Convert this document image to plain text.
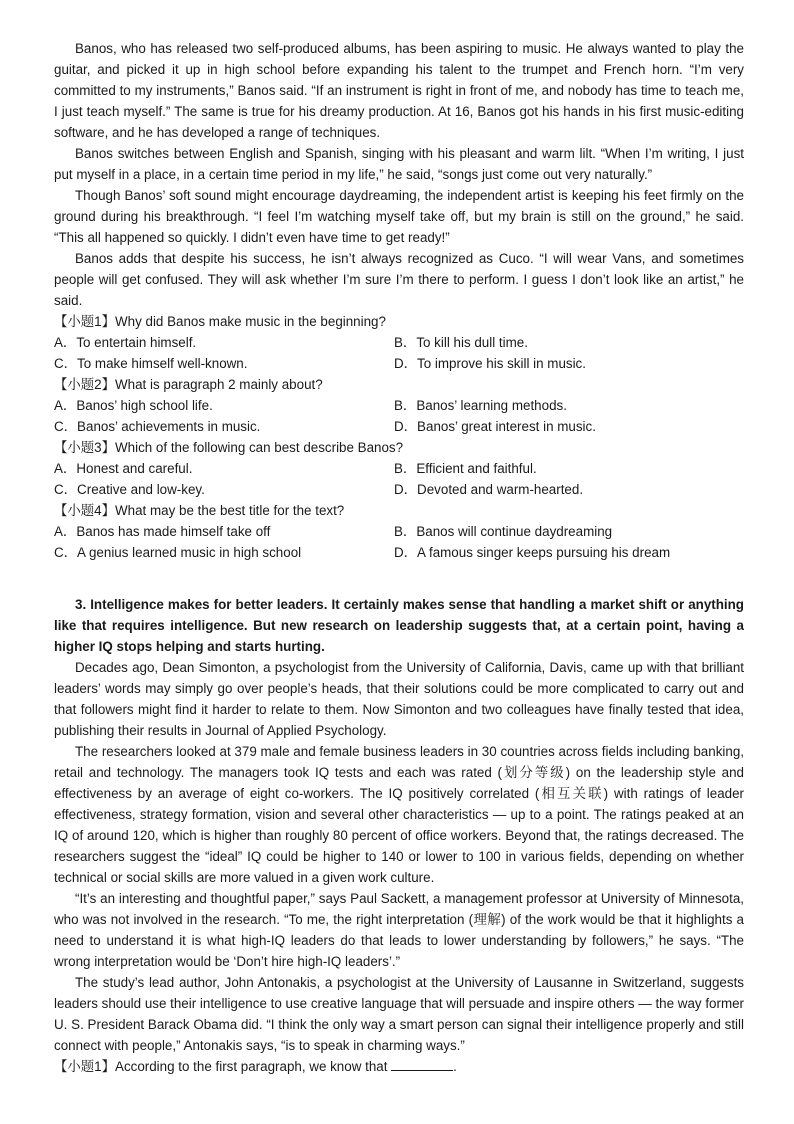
Banos, who has released two self-produced albums, has been aspiring to music. He always wanted to play the guitar, and picked it up in high school before expanding his talent to the trumpet and French horn. “I’m very committed to my instruments,” Banos said. “If an instrument is right in front of me, and nobody has time to teach me, I just teach myself.” The same is true for his dreamy production. At 16, Banos got his hands in his first music-editing software, and he has developed a range of techniques.

Banos switches between English and Spanish, singing with his pleasant and warm lilt. “When I’m writing, I just put myself in a place, in a certain time period in my life,” he said, “songs just come out very naturally.”

Though Banos’ soft sound might encourage daydreaming, the independent artist is keeping his feet firmly on the ground during his breakthrough. “I feel I’m watching myself take off, but my brain is still on the ground,” he said. “This all happened so quickly. I didn’t even have time to get ready!”

Banos adds that despite his success, he isn’t always recognized as Cuco. “I will wear Vans, and sometimes people will get confused. They will ask whether I’m sure I’m there to perform. I guess I don’t look like an artist,” he said.

【小题1】Why did Banos make music in the beginning?

A．To entertain himself.	B．To kill his dull time.

C．To make himself well-known.	D．To improve his skill in music.

【小题2】What is paragraph 2 mainly about?

A．Banos’ high school life.	B．Banos’ learning methods.

C．Banos’ achievements in music.	D．Banos’ great interest in music.

【小题3】Which of the following can best describe Banos?

A．Honest and careful.	B．Efficient and faithful.

C．Creative and low-key.	D．Devoted and warm-hearted.

【小题4】What may be the best title for the text?

A．Banos has made himself take off	B．Banos will continue daydreaming

C．A genius learned music in high school	D．A famous singer keeps pursuing his dream

3. Intelligence makes for better leaders. It certainly makes sense that handling a market shift or anything like that requires intelligence. But new research on leadership suggests that, at a certain point, having a higher IQ stops helping and starts hurting.

Decades ago, Dean Simonton, a psychologist from the University of California, Davis, came up with that brilliant leaders’ words may simply go over people’s heads, that their solutions could be more complicated to carry out and that followers might find it harder to relate to them. Now Simonton and two colleagues have finally tested that idea, publishing their results in Journal of Applied Psychology.

The researchers looked at 379 male and female business leaders in 30 countries across fields including banking, retail and technology. The managers took IQ tests and each was rated (划分等级) on the leadership style and effectiveness by an average of eight co-workers. The IQ positively correlated (相互关联) with ratings of leader effectiveness, strategy formation, vision and several other characteristics — up to a point. The ratings peaked at an IQ of around 120, which is higher than roughly 80 percent of office workers. Beyond that, the ratings decreased. The researchers suggest the “ideal” IQ could be higher to 140 or lower to 100 in various fields, depending on whether technical or social skills are more valued in a given work culture.

“It’s an interesting and thoughtful paper,” says Paul Sackett, a management professor at University of Minnesota, who was not involved in the research. “To me, the right interpretation (理解) of the work would be that it highlights a need to understand it is what high-IQ leaders do that leads to lower understanding by followers,” he says. “The wrong interpretation would be ‘Don’t hire high-IQ leaders’.”

The study’s lead author, John Antonakis, a psychologist at the University of Lausanne in Switzerland, suggests leaders should use their intelligence to use creative language that will persuade and inspire others — the way former U. S. President Barack Obama did. “I think the only way a smart person can signal their intelligence properly and still connect with people,” Antonakis says, “is to speak in charming ways.”

【小题1】According to the first paragraph, we know that	.
